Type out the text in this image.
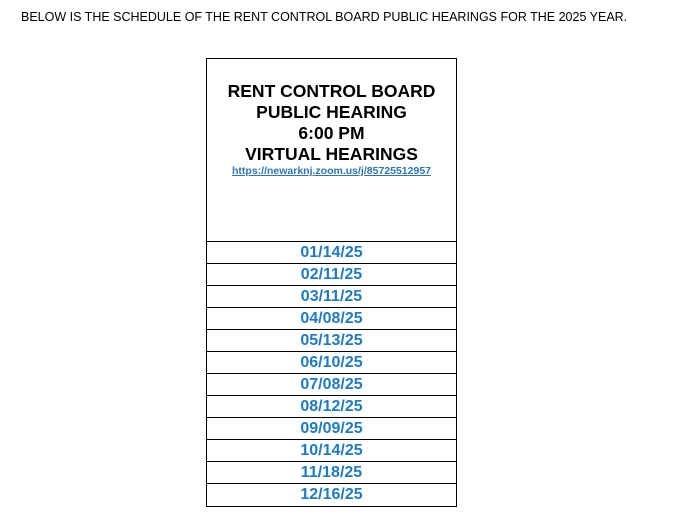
BELOW IS THE SCHEDULE OF THE RENT CONTROL BOARD PUBLIC HEARINGS FOR THE 2025 YEAR.

RENT CONTROL BOARD
PUBLIC HEARING
6:00 PM
VIRTUAL HEARINGS
https://newarknj.zoom.us/j/85725512957
01/14/25
02/11/25
03/11/25
04/08/25
05/13/25
06/10/25
07/08/25
08/12/25
09/09/25
10/14/25
11/18/25
12/16/25
